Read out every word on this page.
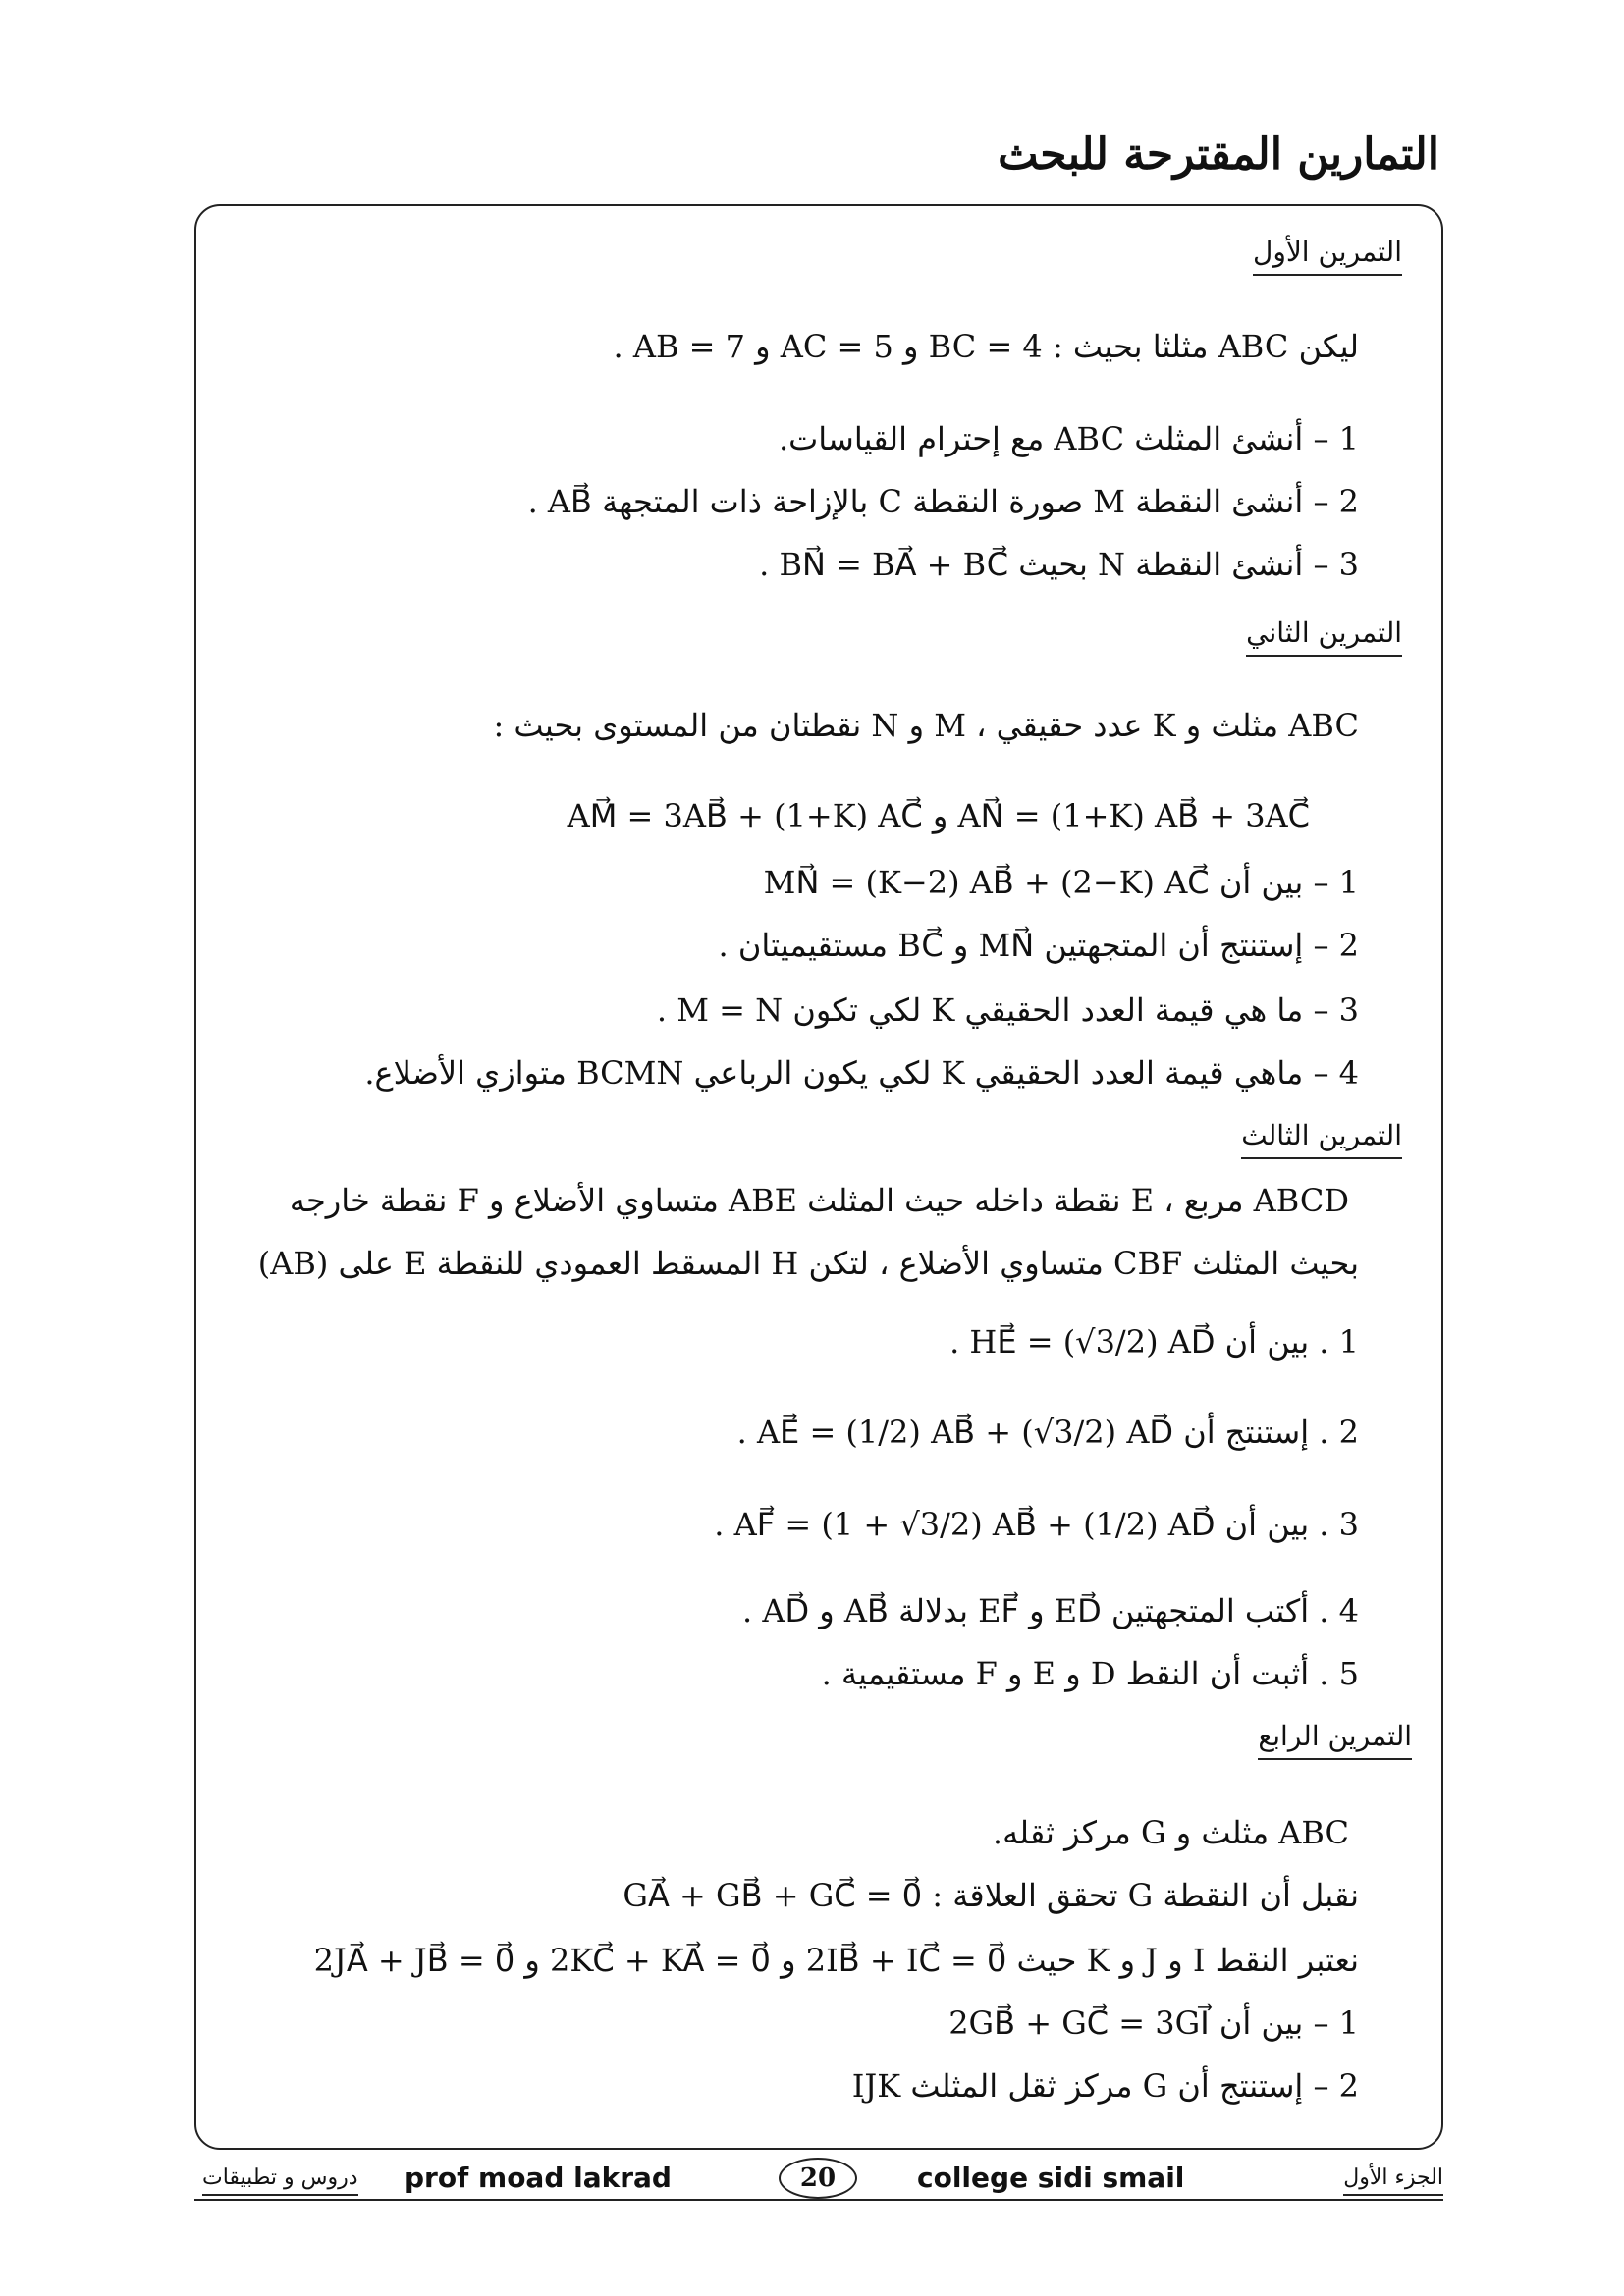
التمارين المقترحة للبحث
التمرين الأول
ليكن ABC مثلثا بحيث : BC = 4 و AC = 5 و AB = 7 .
1 – أنشئ المثلث ABC مع إحترام القياسات.
2 – أنشئ النقطة M صورة النقطة C بالإزاحة ذات المتجهة AB⃗ .
3 – أنشئ النقطة N بحيث BN⃗ = BA⃗ + BC⃗ .
التمرين الثاني
ABC مثلث و K عدد حقيقي ، M و N نقطتان من المستوى بحيث :
AN⃗ = (1+K) AB⃗ + 3AC⃗ و AM⃗ = 3AB⃗ + (1+K) AC⃗
1 – بين أن MN⃗ = (K−2) AB⃗ + (2−K) AC⃗
2 – إستنتج أن المتجهتين MN⃗ و BC⃗ مستقيميتان .
3 – ما هي قيمة العدد الحقيقي K لكي تكون M = N .
4 – ماهي قيمة العدد الحقيقي K لكي يكون الرباعي BCMN متوازي الأضلاع.
التمرين الثالث
ABCD مربع ، E نقطة داخله حيث المثلث ABE متساوي الأضلاع و F نقطة خارجه
بحيث المثلث CBF متساوي الأضلاع ، لتكن H المسقط العمودي للنقطة E على (AB)
1 . بين أن HE⃗ = (√3/2) AD⃗ .
2 . إستنتج أن AE⃗ = (1/2) AB⃗ + (√3/2) AD⃗ .
3 . بين أن AF⃗ = (1 + √3/2) AB⃗ + (1/2) AD⃗ .
4 . أكتب المتجهتين ED⃗ و EF⃗ بدلالة AB⃗ و AD⃗ .
5 . أثبت أن النقط D و E و F مستقيمية .
التمرين الرابع
ABC مثلث و G مركز ثقله.
نقبل أن النقطة G تحقق العلاقة : GA⃗ + GB⃗ + GC⃗ = 0⃗
نعتبر النقط I و J و K حيث 2IB⃗ + IC⃗ = 0⃗ و 2KC⃗ + KA⃗ = 0⃗ و 2JA⃗ + JB⃗ = 0⃗
1 – بين أن 2GB⃗ + GC⃗ = 3GI⃗
2 – إستنتج أن G مركز ثقل المثلث IJK
دروس و تطبيقات prof moad lakrad	20	college sidi smail	الجزء الأول
